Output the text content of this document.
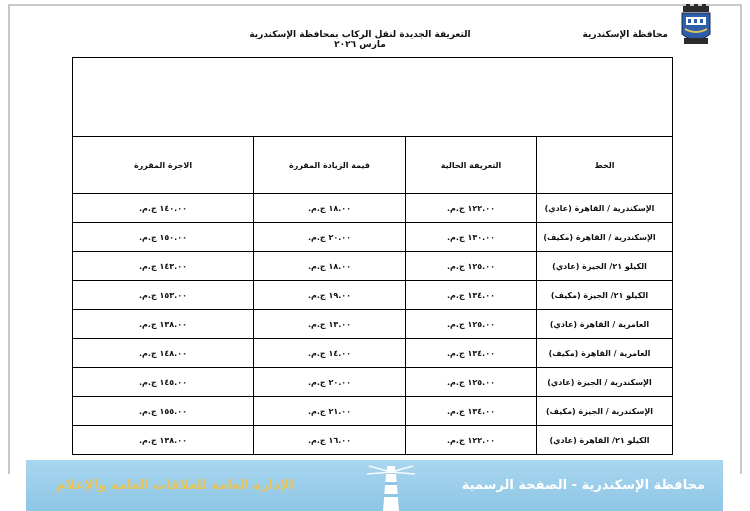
محافظة الإسكندرية
التعريفة الجديدة لنقل الركاب بمحافظة الإسكندرية مارس ٢٠٢٦

الخط	التعريفة الحالية	قيمة الزيادة المقررة	الاجرة المقررة
الإسكندرية / القاهرة (عادي)	١٢٢.٠٠ ج.م.	١٨.٠٠ ج.م.	١٤٠.٠٠ ج.م.
الإسكندرية / القاهرة (مكيف)	١٣٠.٠٠ ج.م.	٢٠.٠٠ ج.م.	١٥٠.٠٠ ج.م.
الكيلو ٢١/ الجيزة (عادي)	١٢٥.٠٠ ج.م.	١٨.٠٠ ج.م.	١٤٣.٠٠ ج.م.
الكيلو ٢١/ الجيزة (مكيف)	١٣٤.٠٠ ج.م.	١٩.٠٠ ج.م.	١٥٣.٠٠ ج.م.
العامرية / القاهرة (عادي)	١٢٥.٠٠ ج.م.	١٣.٠٠ ج.م.	١٣٨.٠٠ ج.م.
العامرية / القاهرة (مكيف)	١٣٤.٠٠ ج.م.	١٤.٠٠ ج.م.	١٤٨.٠٠ ج.م.
الإسكندرية / الجيزة (عادي)	١٢٥.٠٠ ج.م.	٢٠.٠٠ ج.م.	١٤٥.٠٠ ج.م.
الإسكندرية / الجيزة (مكيف)	١٣٤.٠٠ ج.م.	٢١.٠٠ ج.م.	١٥٥.٠٠ ج.م.
الكيلو ٢١/ القاهرة (عادي)	١٢٢.٠٠ ج.م.	١٦.٠٠ ج.م.	١٣٨.٠٠ ج.م.
الإدارة العامة للعلاقات العامة والإعلام	محافظة الإسكندرية - الصفحة الرسمية
